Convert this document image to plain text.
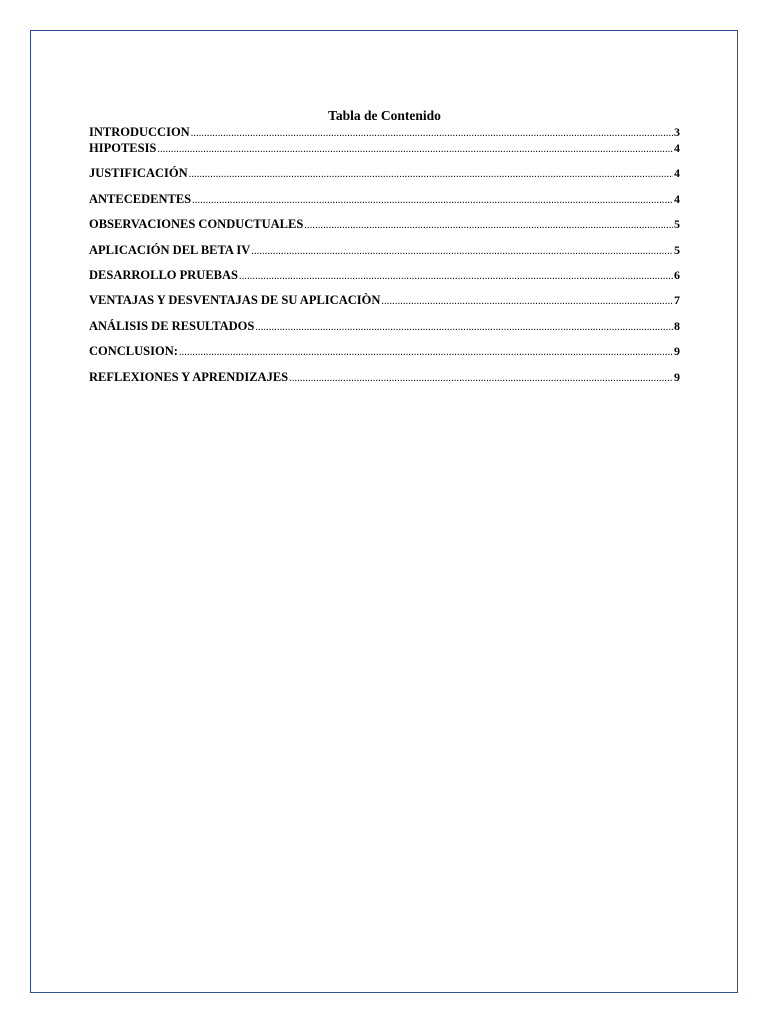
Tabla de Contenido
INTRODUCCION .....	3
HIPOTESIS .....	4
JUSTIFICACIÓN .....	4
ANTECEDENTES .....	4
OBSERVACIONES CONDUCTUALES .....	5
APLICACIÓN DEL BETA IV .....	5
DESARROLLO PRUEBAS .....	6
VENTAJAS Y DESVENTAJAS DE SU APLICACIÒN .....	7
ANÁLISIS DE RESULTADOS .....	8
CONCLUSION: .....	9
REFLEXIONES Y APRENDIZAJES .....	9
